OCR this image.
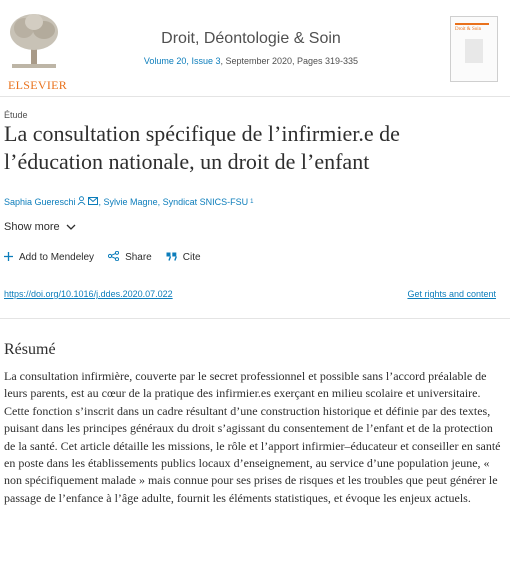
ELSEVIER
Droit, Déontologie & Soin
Volume 20, Issue 3, September 2020, Pages 319-335
Droit & Soin
Étude
La consultation spécifique de l’infirmier.e de l’éducation nationale, un droit de l’enfant
Saphia Guereschi	, Sylvie Magne, Syndicat SNICS-FSU 1
Show more
Add to Mendeley	Share	Cite
https://doi.org/10.1016/j.ddes.2020.07.022	Get rights and content
Résumé

La consultation infirmière, couverte par le secret professionnel et possible sans l’accord préalable de leurs parents, est au cœur de la pratique des infirmier.es exerçant en milieu scolaire et universitaire. Cette fonction s’inscrit dans un cadre résultant d’une construction historique et définie par des textes, puisant dans les principes généraux du droit s’agissant du consentement de l’enfant et de la protection de la santé. Cet article détaille les missions, le rôle et l’apport infirmier–éducateur et conseiller en santé en poste dans les établissements publics locaux d’enseignement, au service d’une population jeune, « non spécifiquement malade » mais connue pour ses prises de risques et les troubles que peut générer le passage de l’enfance à l’âge adulte, fournit les éléments statistiques, et évoque les enjeux actuels.
